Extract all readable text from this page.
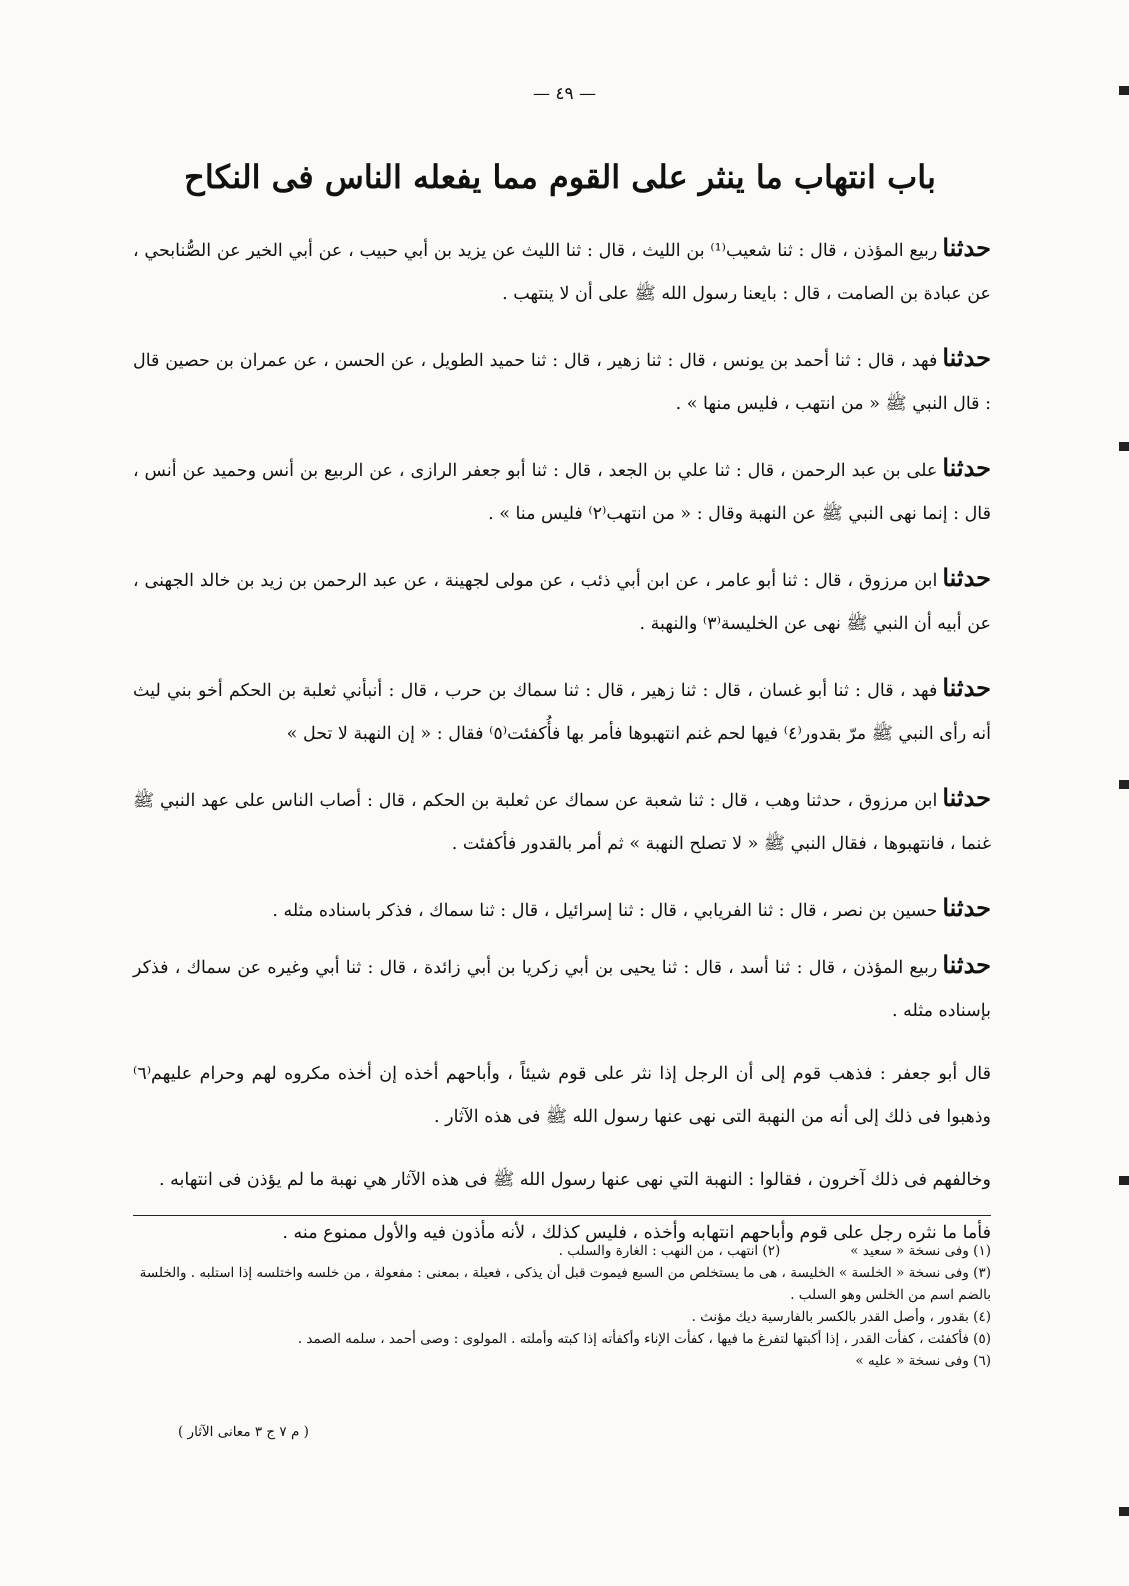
— ٤٩ —
باب انتهاب ما ينثر على القوم مما يفعله الناس فى النكاح

حدثناربيع المؤذن ، قال : ثنا شعيب⁽¹⁾ بن الليث ، قال : ثنا الليث عن يزيد بن أبي حبيب ، عن أبي الخير عن الصُّنابحي ، عن عبادة بن الصامت ، قال : بايعنا رسول الله ﷺ على أن لا ينتهب .

حدثنافهد ، قال : ثنا أحمد بن يونس ، قال : ثنا زهير ، قال : ثنا حميد الطويل ، عن الحسن ، عن عمران بن حصين قال : قال النبي ﷺ « من انتهب ، فليس منها » .

حدثناعلى بن عبد الرحمن ، قال : ثنا علي بن الجعد ، قال : ثنا أبو جعفر الرازى ، عن الربيع بن أنس وحميد عن أنس ، قال : إنما نهى النبي ﷺ عن النهبة وقال : « من انتهب⁽٢⁾ فليس منا » .

حدثناابن مرزوق ، قال : ثنا أبو عامر ، عن ابن أبي ذئب ، عن مولى لجهينة ، عن عبد الرحمن بن زيد بن خالد الجهنى ، عن أبيه أن النبي ﷺ نهى عن الخليسة⁽٣⁾ والنهبة .

حدثنافهد ، قال : ثنا أبو غسان ، قال : ثنا زهير ، قال : ثنا سماك بن حرب ، قال : أنبأني ثعلبة بن الحكم أخو بني ليث أنه رأى النبي ﷺ مرّ بقدور⁽٤⁾ فيها لحم غنم انتهبوها فأمر بها فأُكفئت⁽٥⁾ فقال : « إن النهبة لا تحل »

حدثناابن مرزوق ، حدثنا وهب ، قال : ثنا شعبة عن سماك عن ثعلبة بن الحكم ، قال : أصاب الناس على عهد النبي ﷺ غنما ، فانتهبوها ، فقال النبي ﷺ « لا تصلح النهبة » ثم أمر بالقدور فأكفئت .

حدثناحسين بن نصر ، قال : ثنا الفريابي ، قال : ثنا إسرائيل ، قال : ثنا سماك ، فذكر باسناده مثله .

حدثناربيع المؤذن ، قال : ثنا أسد ، قال : ثنا يحيى بن أبي زكريا بن أبي زائدة ، قال : ثنا أبي وغيره عن سماك ، فذكر بإسناده مثله .

قال أبو جعفر : فذهب قوم إلى أن الرجل إذا نثر على قوم شيئاً ، وأباحهم أخذه إن أخذه مكروه لهم وحرام عليهم⁽٦⁾ وذهبوا فى ذلك إلى أنه من النهبة التى نهى عنها رسول الله ﷺ فى هذه الآثار .

وخالفهم فى ذلك آخرون ، فقالوا : النهبة التي نهى عنها رسول الله ﷺ فى هذه الآثار هي نهبة ما لم يؤذن فى انتهابه .

فأما ما نثره رجل على قوم وأباحهم انتهابه وأخذه ، فليس كذلك ، لأنه مأذون فيه والأول ممنوع منه .

(١) وفى نسخة « سعيد »
(٢) انتهب ، من النهب : الغارة والسلب .

(٣) وفى نسخة « الخلسة » الخليسة ، هى ما يستخلص من السبع فيموت قبل أن يذكى ، فعيلة ، بمعنى : مفعولة ، من خلسه واختلسه إذا استلبه . والخلسة بالضم اسم من الخلس وهو السلب .

(٤) بقدور ، وأصل القدر بالكسر بالفارسية ديك مؤنث .

(٥) فأكفئت ، كفأت القدر ، إذا أكبتها لتفرغ ما فيها ، كفأت الإناء وأكفأته إذا كبته وأملته . المولوى : وصى أحمد ، سلمه الصمد .

(٦) وفى نسخة « عليه »

( م ٧ ج ٣ معانى الآثار )
